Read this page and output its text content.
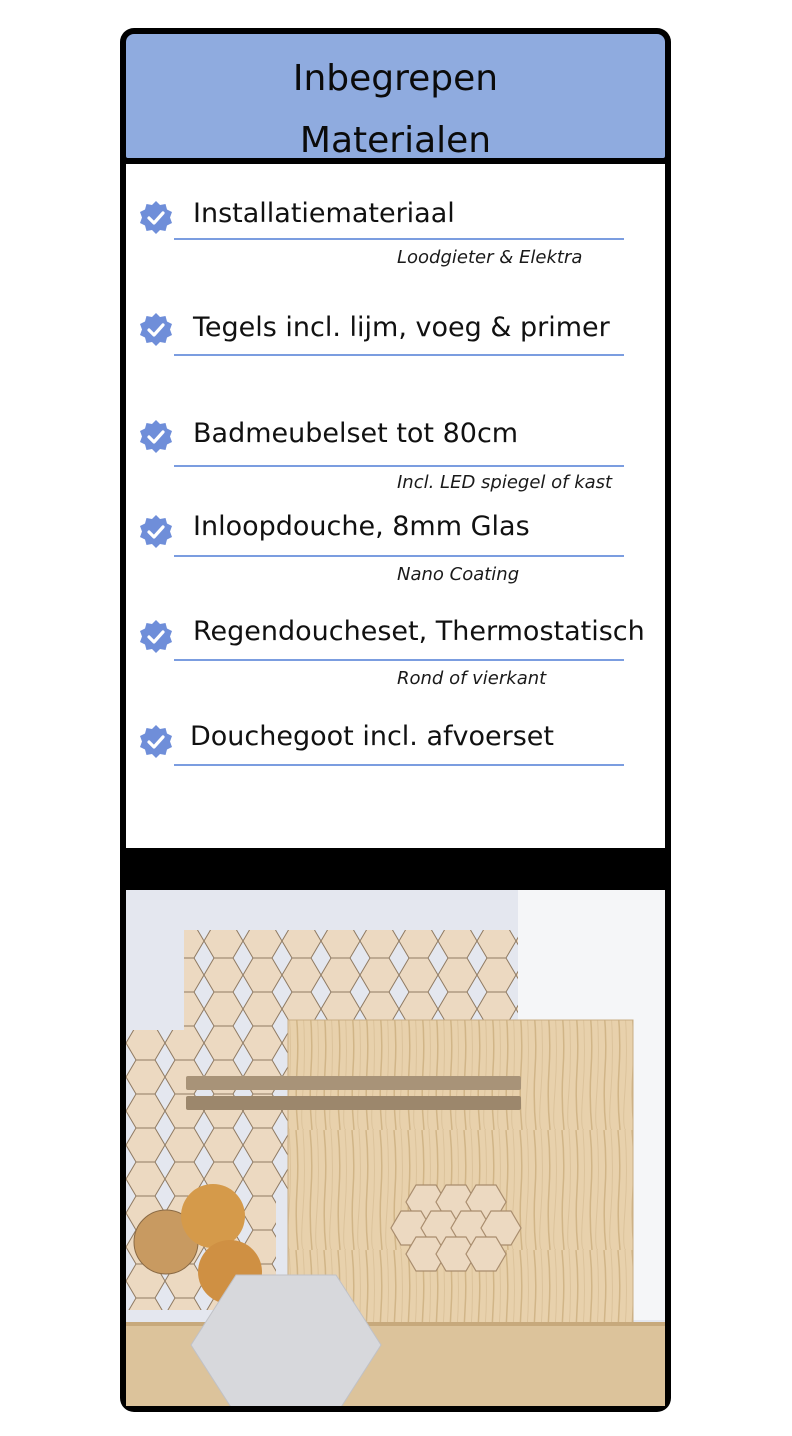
Inbegrepen
Materialen
Installatiemateriaal
Loodgieter & Elektra
Tegels incl. lijm, voeg & primer
Badmeubelset tot 80cm
Incl. LED spiegel of kast
Inloopdouche, 8mm Glas
Nano Coating
Regendoucheset, Thermostatisch
Rond of vierkant
Douchegoot incl. afvoerset
